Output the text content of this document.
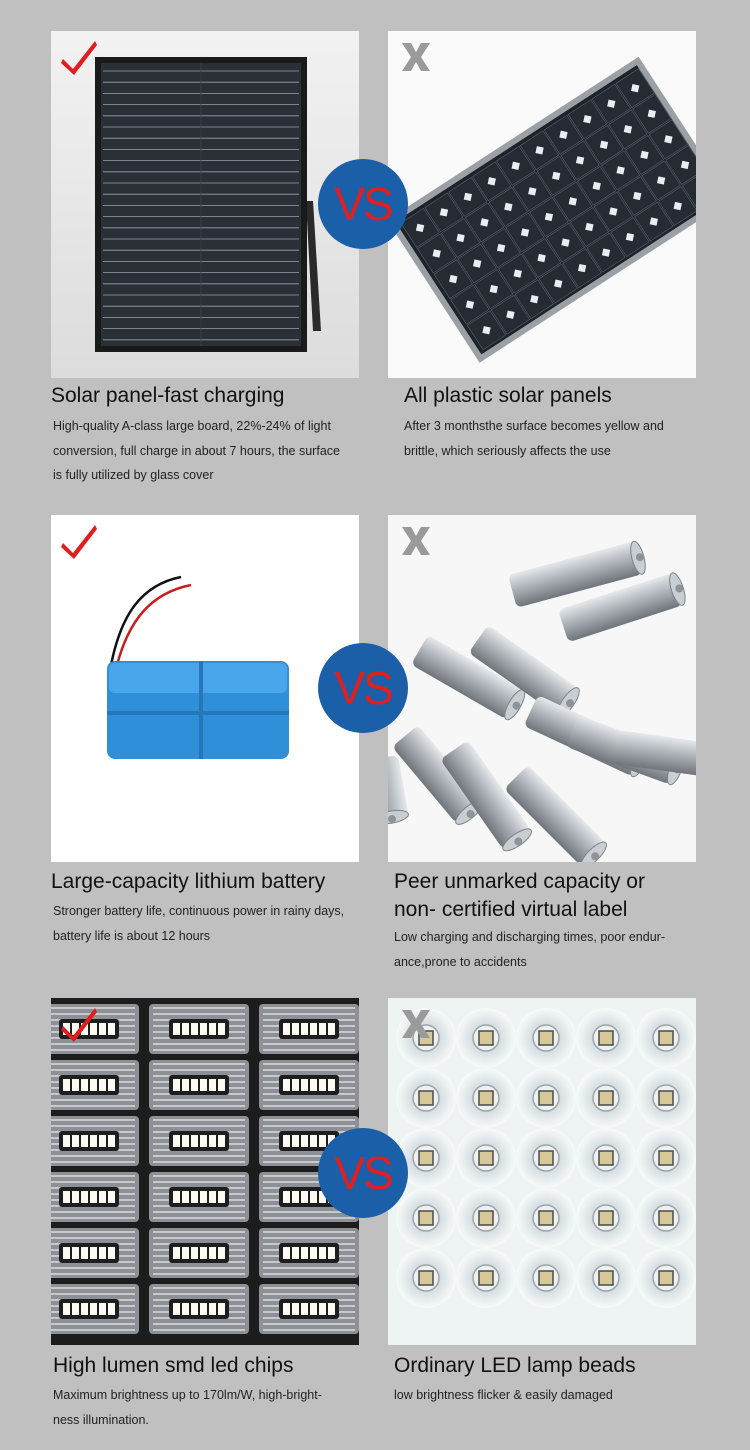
VS
Solar panel-fast charging
High-quality A-class large board, 22%-24% of light
conversion, full charge in about 7 hours, the surface
is fully utilized by glass cover
All plastic solar panels
After 3 monthsthe surface becomes yellow and
brittle, which seriously affects the use
VS
Large-capacity lithium battery
Stronger battery life, continuous power in rainy days,
battery life is about 12 hours
Peer unmarked capacity or
non- certified virtual label
Low charging and discharging times, poor endur-
ance,prone to accidents
VS
High lumen smd led chips
Maximum brightness up to 170lm/W, high-bright-
ness illumination.
Ordinary LED lamp beads
low brightness flicker & easily damaged
